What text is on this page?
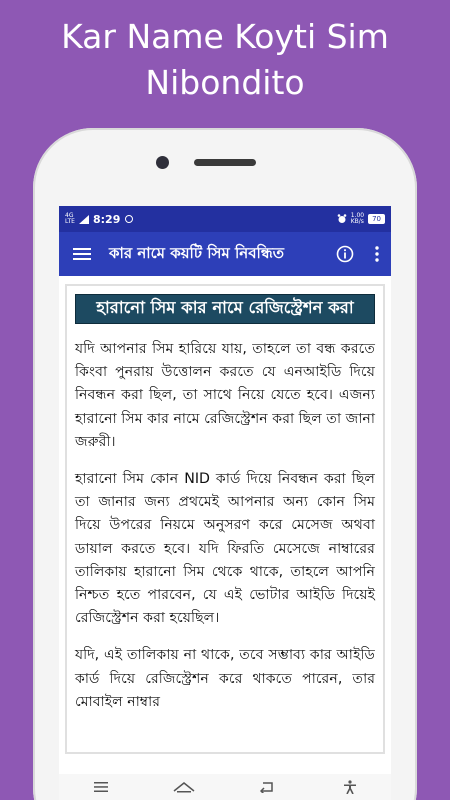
Kar Name Koyti Sim
Nibondito
4G
LTE 8:29	1.00
KB/s	70
কার নামে কয়টি সিম নিবন্ধিত
হারানো সিম কার নামে রেজিস্ট্রেশন করা

যদি আপনার সিম হারিয়ে যায়, তাহলে তা বন্ধ করতে কিংবা পুনরায় উত্তোলন করতে যে এনআইডি দিয়ে নিবন্ধন করা ছিল, তা সাথে নিয়ে যেতে হবে। এজন্য হারানো সিম কার নামে রেজিস্ট্রেশন করা ছিল তা জানা জরুরী।

হারানো সিম কোন NID কার্ড দিয়ে নিবন্ধন করা ছিল তা জানার জন্য প্রথমেই আপনার অন্য কোন সিম দিয়ে উপরের নিয়মে অনুসরণ করে মেসেজ অথবা ডায়াল করতে হবে। যদি ফিরতি মেসেজে নাম্বারের তালিকায় হারানো সিম থেকে থাকে, তাহলে আপনি নিশ্চত হতে পারবেন, যে এই ভোটার আইডি দিয়েই রেজিস্ট্রেশন করা হয়েছিল।

যদি, এই তালিকায় না থাকে, তবে সম্ভাব্য কার আইডি কার্ড দিয়ে রেজিস্ট্রেশন করে থাকতে পারেন, তার মোবাইল নাম্বার
